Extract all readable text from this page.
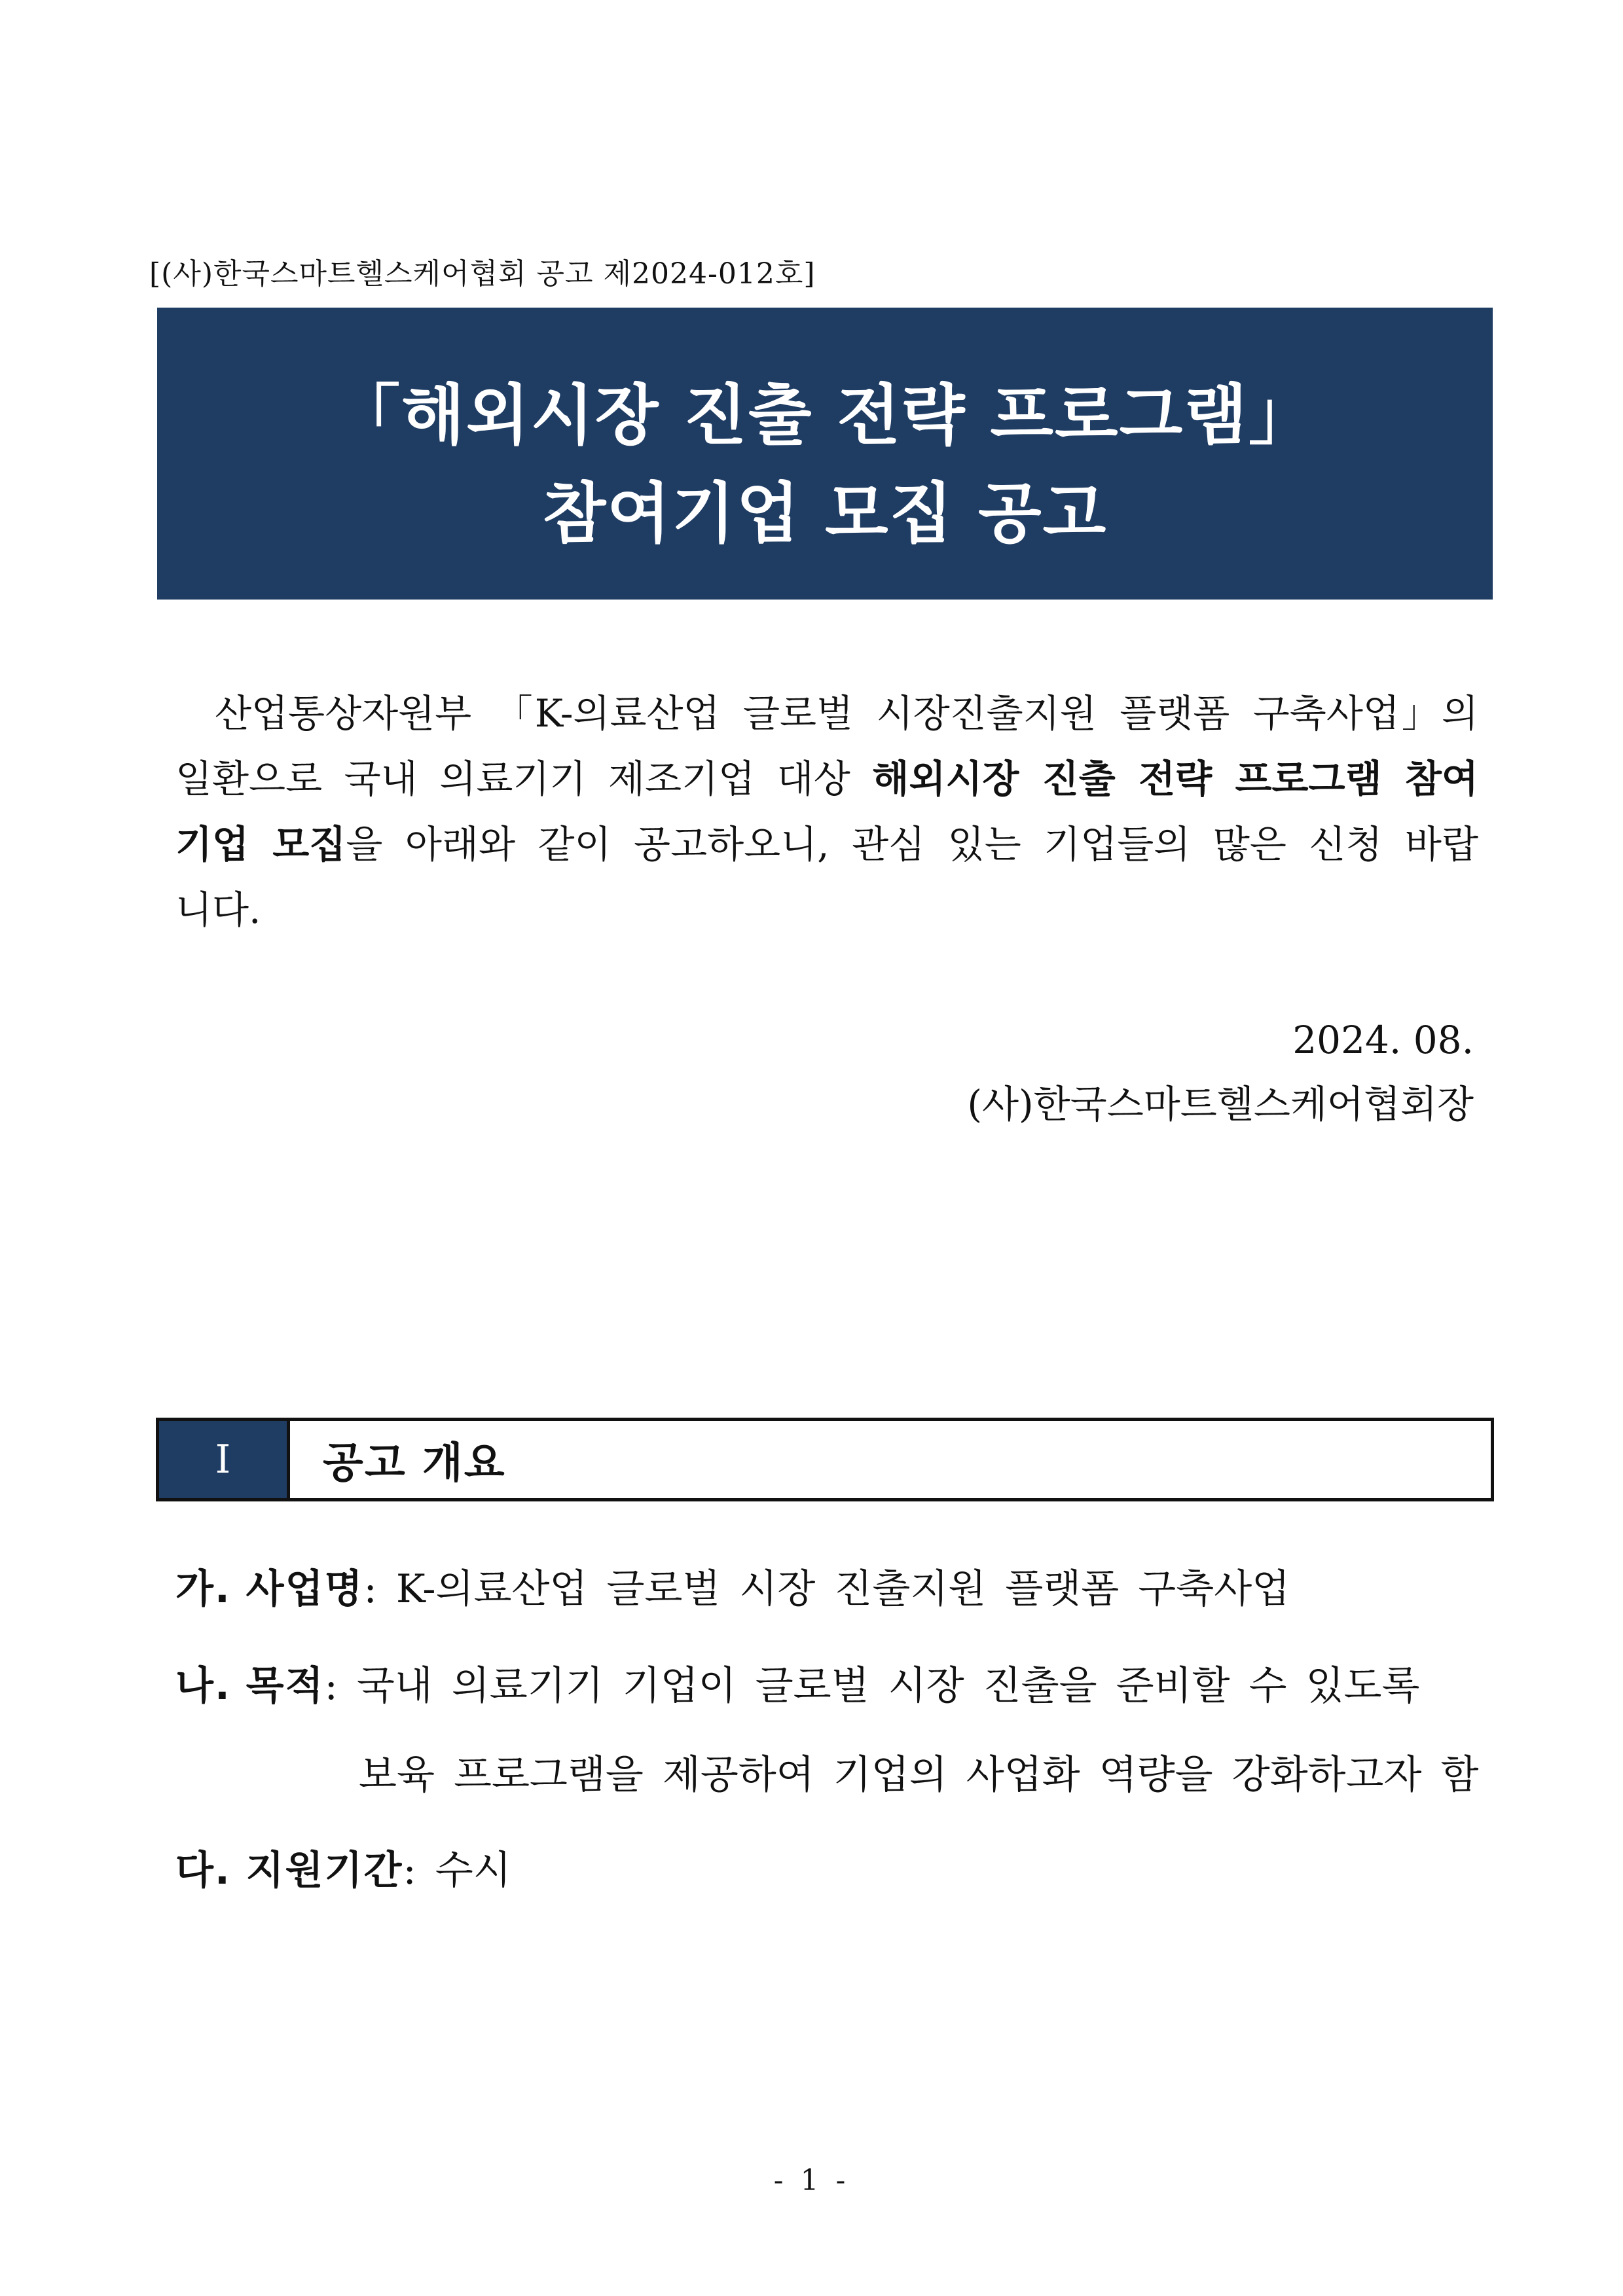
[(사)한국스마트헬스케어협회 공고 제2024-012호]
「해외시장 진출 전략 프로그램」
참여기업 모집 공고
산업통상자원부 「K-의료산업 글로벌 시장진출지원 플랫폼 구축사업」의 일환으로 국내 의료기기 제조기업 대상 해외시장 진출 전략 프로그램 참여기업 모집을 아래와 같이 공고하오니, 관심 있는 기업들의 많은 신청 바랍니다.
2024. 08.
(사)한국스마트헬스케어협회장
I	공고 개요
가. 사업명 : K-의료산업 글로벌 시장 진출지원 플랫폼 구축사업
나. 목적: 국내 의료기기 기업이 글로벌 시장 진출을 준비할 수 있도록
보육 프로그램을 제공하여 기업의 사업화 역량을 강화하고자 함
다. 지원기간 : 수시
- 1 -
